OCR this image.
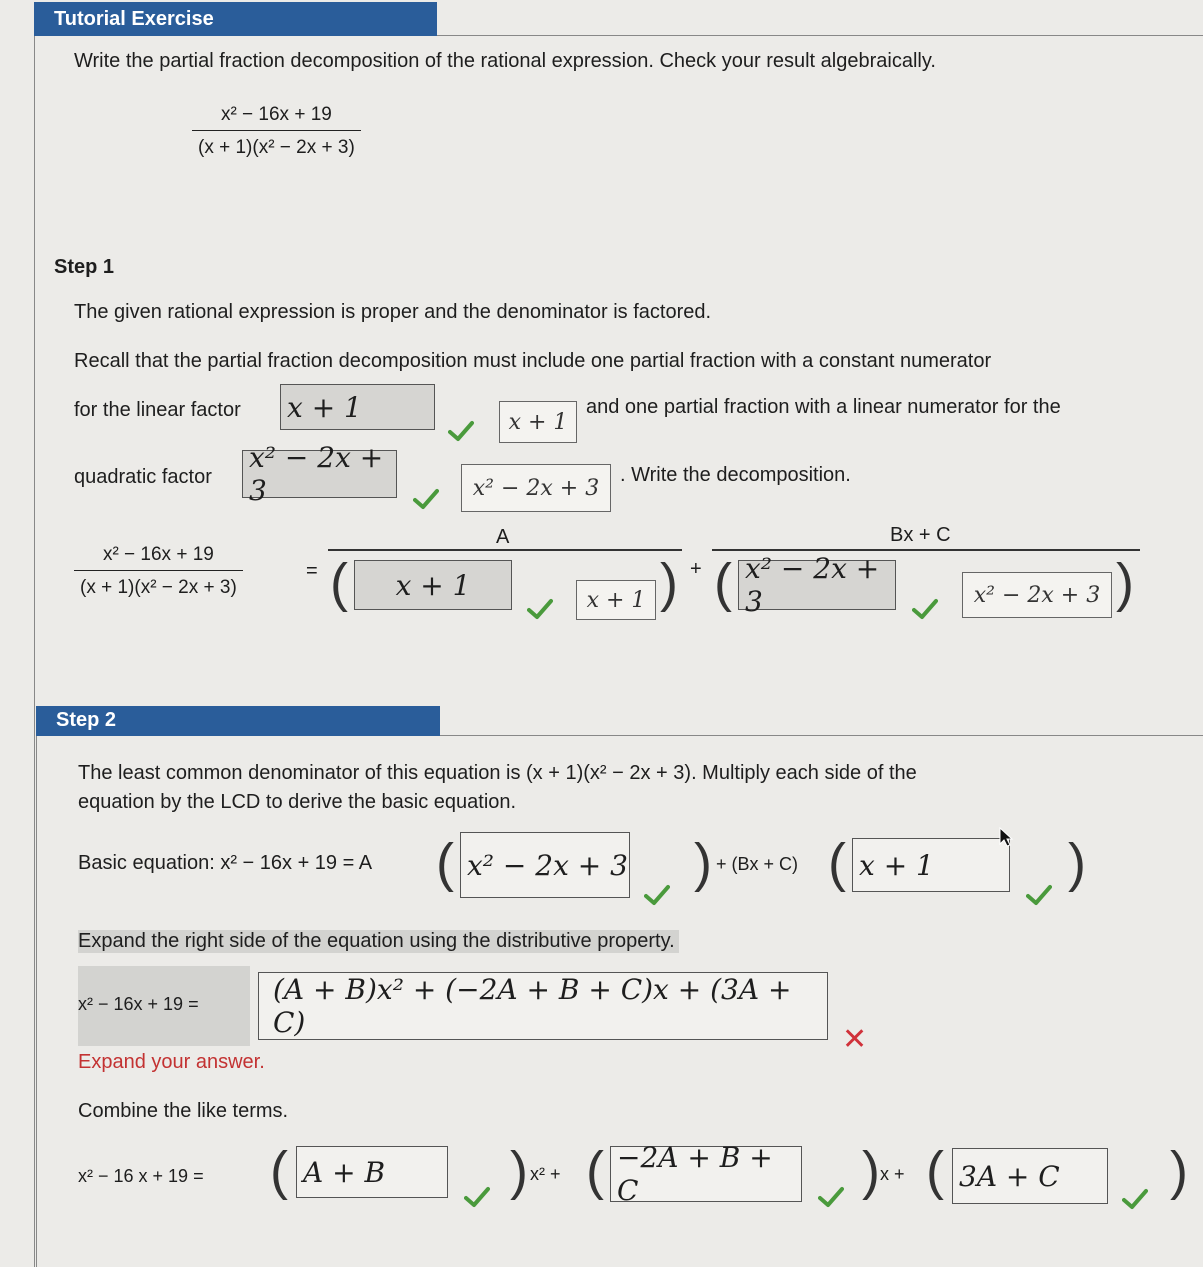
Tutorial Exercise
Write the partial fraction decomposition of the rational expression. Check your result algebraically.
$\frac{\text{x² − 16x + 19}}{\text{(x + 1)(x² − 2x + 3)}}$
Step 1
The given rational expression is proper and the denominator is factored.
Recall that the partial fraction decomposition must include one partial fraction with a constant numerator
for the linear factor x + 1	x + 1
and one partial fraction with a linear numerator for the
quadratic factor
x² − 2x + 3	x² − 2x + 3
. Write the decomposition.
$\frac{\text{x² − 16x + 19}}{\text{(x + 1)(x² − 2x + 3)}}$	=
A
(	x + 1	x + 1 ) +
Bx + C
( x² − 2x + 3	x² − 2x + 3 )
Step 2
The least common denominator of this equation is (x + 1)(x² − 2x + 3). Multiply each side of the
equation by the LCD to derive the basic equation.
Basic equation: x² − 16x + 19 = A ( x² − 2x + 3 ) + (Bx + C) ( x + 1	)
Expand the right side of the equation using the distributive property.
x² − 16x + 19 =	(A + B)x² + (−2A + B + C)x + (3A + C)
✕
Expand your answer.
Combine the like terms.
x² − 16 x + 19 = ( A + B	) x² + ( −2A + B + C	) x + ( 3A + C	)
